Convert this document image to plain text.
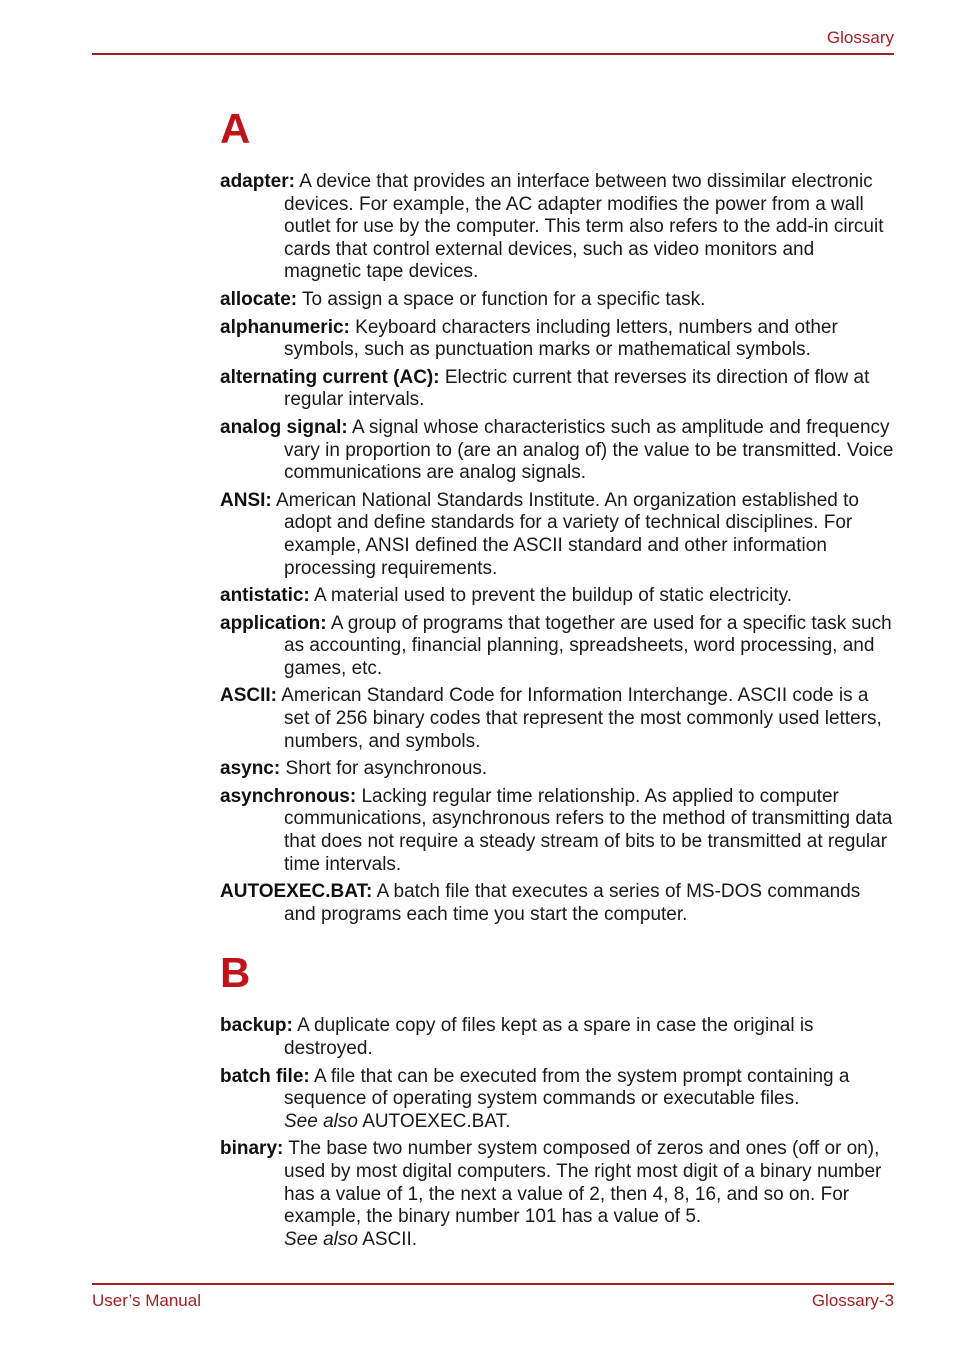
Glossary
A

adapter: A device that provides an interface between two dissimilar electronic devices. For example, the AC adapter modifies the power from a wall outlet for use by the computer. This term also refers to the add-in circuit cards that control external devices, such as video monitors and magnetic tape devices.

allocate: To assign a space or function for a specific task.

alphanumeric: Keyboard characters including letters, numbers and other symbols, such as punctuation marks or mathematical symbols.

alternating current (AC): Electric current that reverses its direction of flow at regular intervals.

analog signal: A signal whose characteristics such as amplitude and frequency vary in proportion to (are an analog of) the value to be transmitted. Voice communications are analog signals.

ANSI: American National Standards Institute. An organization established to adopt and define standards for a variety of technical disciplines. For example, ANSI defined the ASCII standard and other information processing requirements.

antistatic: A material used to prevent the buildup of static electricity.

application: A group of programs that together are used for a specific task such as accounting, financial planning, spreadsheets, word processing, and games, etc.

ASCII: American Standard Code for Information Interchange. ASCII code is a set of 256 binary codes that represent the most commonly used letters, numbers, and symbols.

async: Short for asynchronous.

asynchronous: Lacking regular time relationship. As applied to computer communications, asynchronous refers to the method of transmitting data that does not require a steady stream of bits to be transmitted at regular time intervals.

AUTOEXEC.BAT: A batch file that executes a series of MS-DOS commands and programs each time you start the computer.

B

backup: A duplicate copy of files kept as a spare in case the original is destroyed.

batch file: A file that can be executed from the system prompt containing a sequence of operating system commands or executable files.
See also AUTOEXEC.BAT.

binary: The base two number system composed of zeros and ones (off or on), used by most digital computers. The right most digit of a binary number has a value of 1, the next a value of 2, then 4, 8, 16, and so on. For example, the binary number 101 has a value of 5.
See also ASCII.

User’s Manual	Glossary-3
